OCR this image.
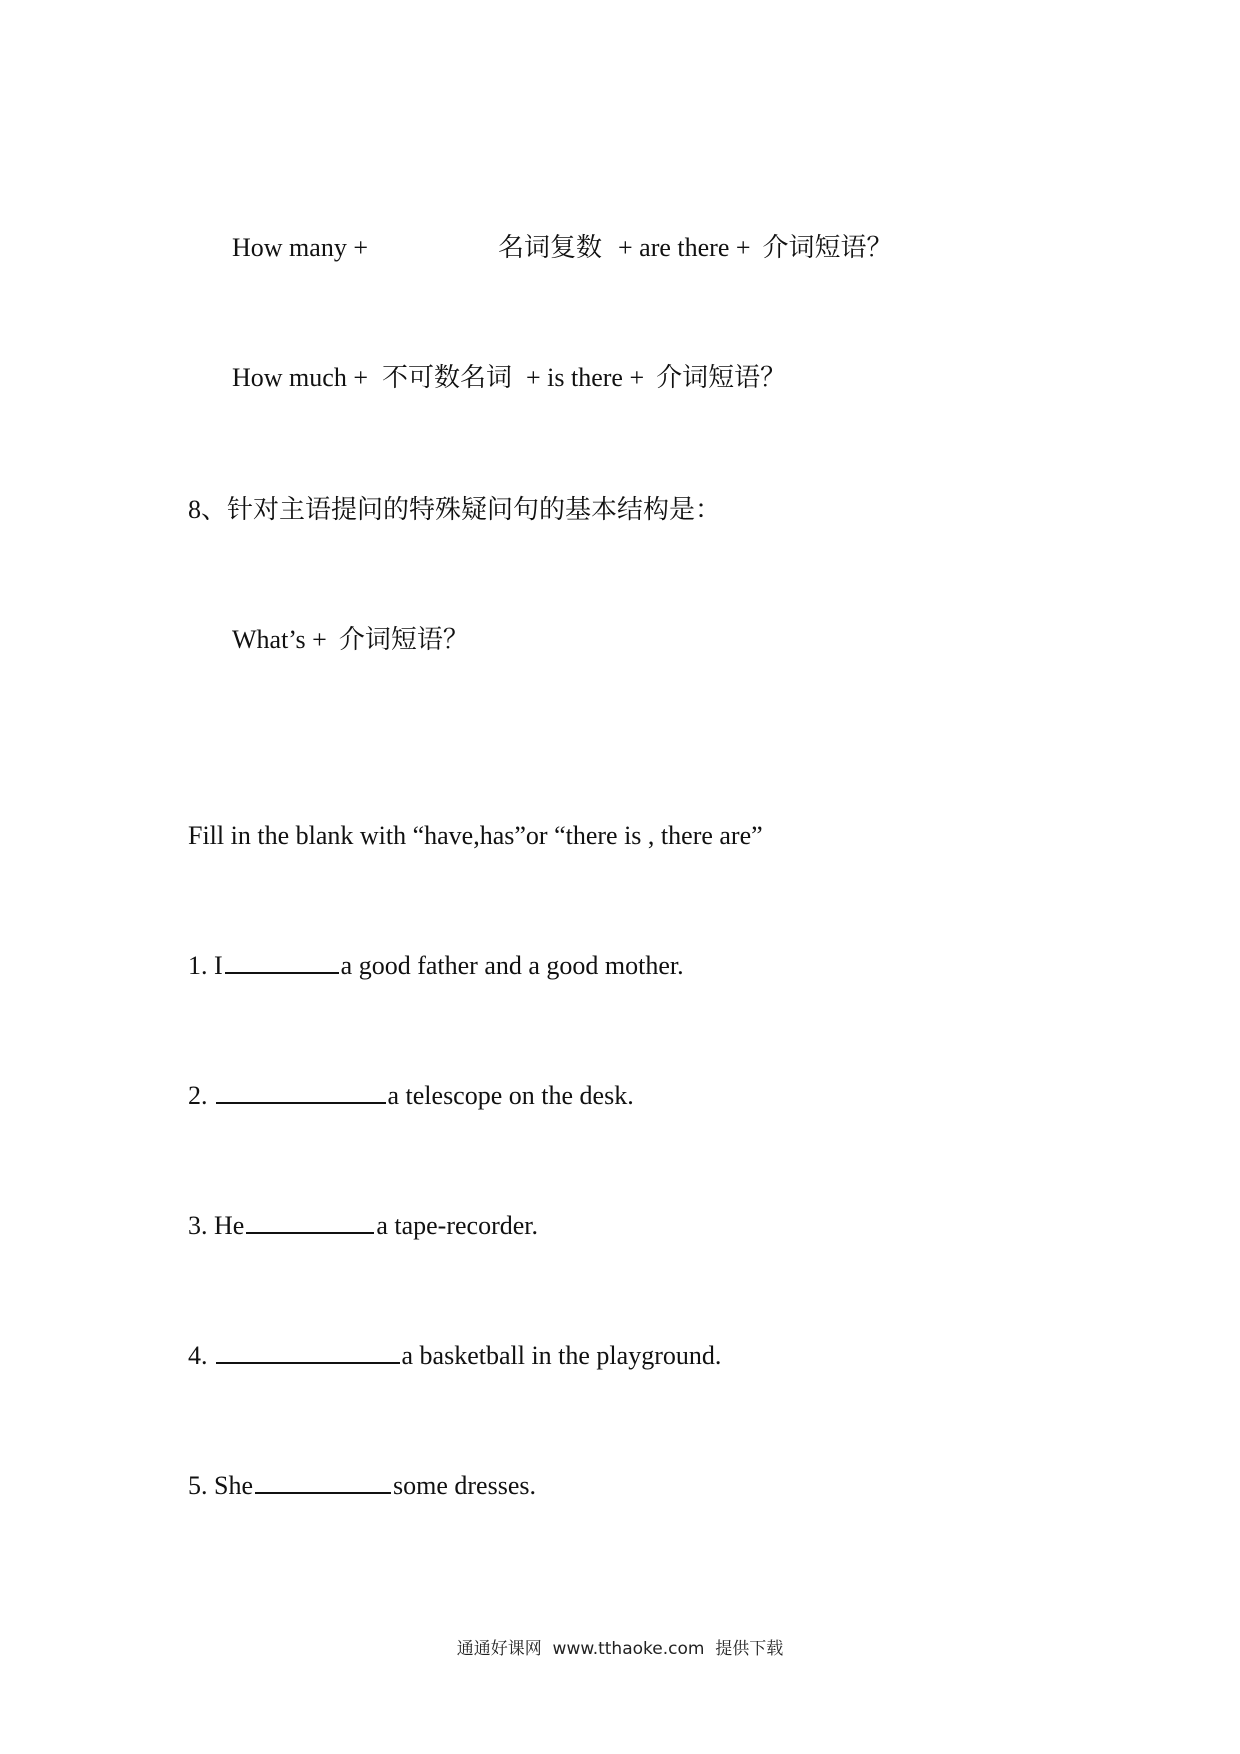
How many +	名词复数 + are there + 介词短语？
How much + 不可数名词 + is there + 介词短语？
8、针对主语提问的特殊疑问句的基本结构是：
What’s + 介词短语？
Fill in the blank with “have,has”or “there is , there are”
1. I	a good father and a good mother.
2.	a telescope on the desk.
3. He	a tape-recorder.
4.	a basketball in the playground.
5. She	some dresses.
通通好课网  www.tthaoke.com  提供下载
